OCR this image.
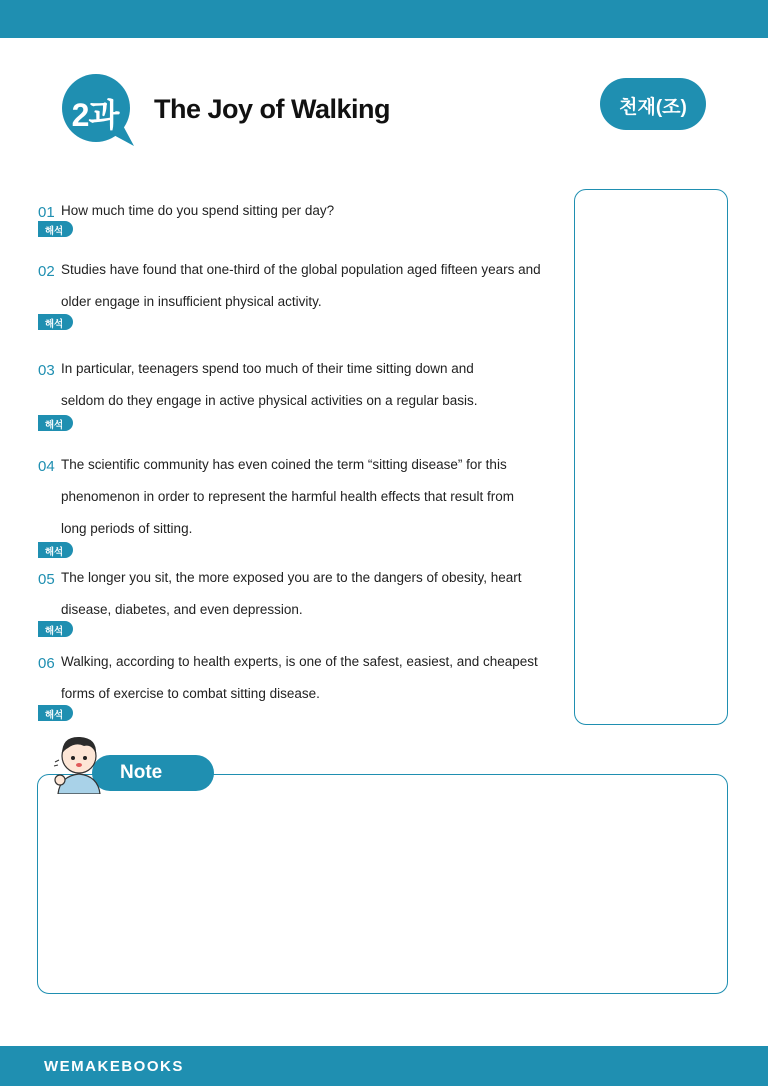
2과	The Joy of Walking	천재(조)
01 How much time do you spend sitting per day?
해석
02 Studies have found that one-third of the global population aged fifteen years and
older engage in insufficient physical activity.
해석
03 In particular, teenagers spend too much of their time sitting down and
seldom do they engage in active physical activities on a regular basis.
해석
04 The scientific community has even coined the term “sitting disease” for this
phenomenon in order to represent the harmful health effects that result from
long periods of sitting.
해석
05 The longer you sit, the more exposed you are to the dangers of obesity, heart
disease, diabetes, and even depression.
해석
06 Walking, according to health experts, is one of the safest, easiest, and cheapest
forms of exercise to combat sitting disease.
해석
Note
WEMAKEBOOKS
